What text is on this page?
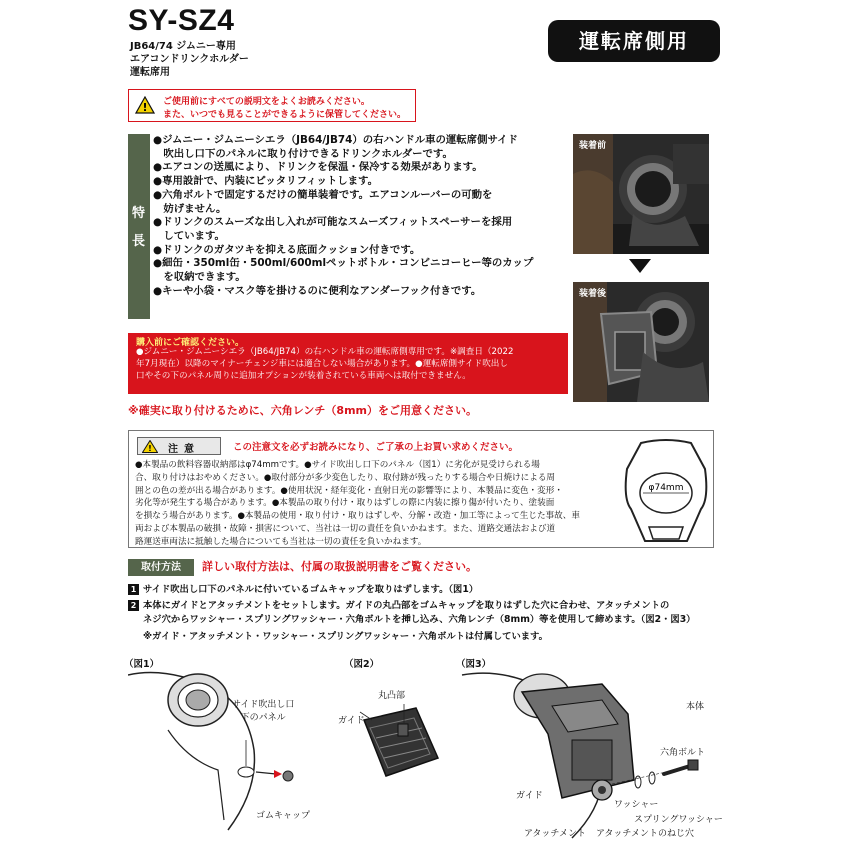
SY-SZ4
JB64/74 ジムニー専用
エアコンドリンクホルダー
運転席用
運転席側用
! ご使用前にすべての説明文をよくお読みください。
また、いつでも見ることができるように保管してください。
特
長
●ジムニー・ジムニーシエラ（JB64/JB74）の右ハンドル車の運転席側サイド
　吹出し口下のパネルに取り付けできるドリンクホルダーです。
●エアコンの送風により、ドリンクを保温・保冷する効果があります。
●専用設計で、内装にピッタリフィットします。
●六角ボルトで固定するだけの簡単装着です。エアコンルーバーの可動を
　妨げません。
●ドリンクのスムーズな出し入れが可能なスムーズフィットスペーサーを採用
　しています。
●ドリンクのガタツキを抑える底面クッション付きです。
●細缶・350ml缶・500ml/600mlペットボトル・コンビニコーヒー等のカップ
　を収納できます。
●キーや小袋・マスク等を掛けるのに便利なアンダーフック付きです。
装着前
装着後
購入前にご確認ください。
●ジムニー・ジムニーシエラ（JB64/JB74）の右ハンドル車の運転席側専用です。※調査日（2022
年7月現在）以降のマイナーチェンジ車には適合しない場合があります。●運転席側サイド吹出し
口やその下のパネル周りに追加オプションが装着されている車両へは取付できません。
※確実に取り付けるために、六角レンチ（8mm）をご用意ください。
! 注意	この注意文を必ずお読みになり、ご了承の上お買い求めください。
●本製品の飲料容器収納部はφ74mmです。●サイド吹出し口下のパネル（図1）に劣化が見受けられる場
合、取り付けはおやめください。●取付部分が多少変色したり、取付跡が残ったりする場合や日焼けによる周
囲との色の差が出る場合があります。●使用状況・経年変化・直射日光の影響等により、本製品に変色・変形・
劣化等が発生する場合があります。●本製品の取り付け・取りはずしの際に内装に擦り傷が付いたり、塗装面
を損なう場合があります。●本製品の使用・取り付け・取りはずしや、分解・改造・加工等によって生じた事故、車
両および本製品の破損・故障・損害について、当社は一切の責任を負いかねます。また、道路交通法および道
路運送車両法に抵触した場合についても当社は一切の責任を負いかねます。
φ74mm
取付方法	詳しい取付方法は、付属の取扱説明書をご覧ください。
1 サイド吹出し口下のパネルに付いているゴムキャップを取りはずします。（図1）
2 本体にガイドとアタッチメントをセットします。ガイドの丸凸部をゴムキャップを取りはずした穴に合わせ、アタッチメントの
ネジ穴からワッシャー・スプリングワッシャー・六角ボルトを挿し込み、六角レンチ（8mm）等を使用して締めます。（図2・図3）
※ガイド・アタッチメント・ワッシャー・スプリングワッシャー・六角ボルトは付属しています。
（図1）	（図2）	（図3）
サイド吹出し口
下のパネル
ゴムキャップ
丸凸部
ガイド
本体
六角ボルト
ガイド
ワッシャー
スプリングワッシャー
アタッチメント アタッチメントのねじ穴
